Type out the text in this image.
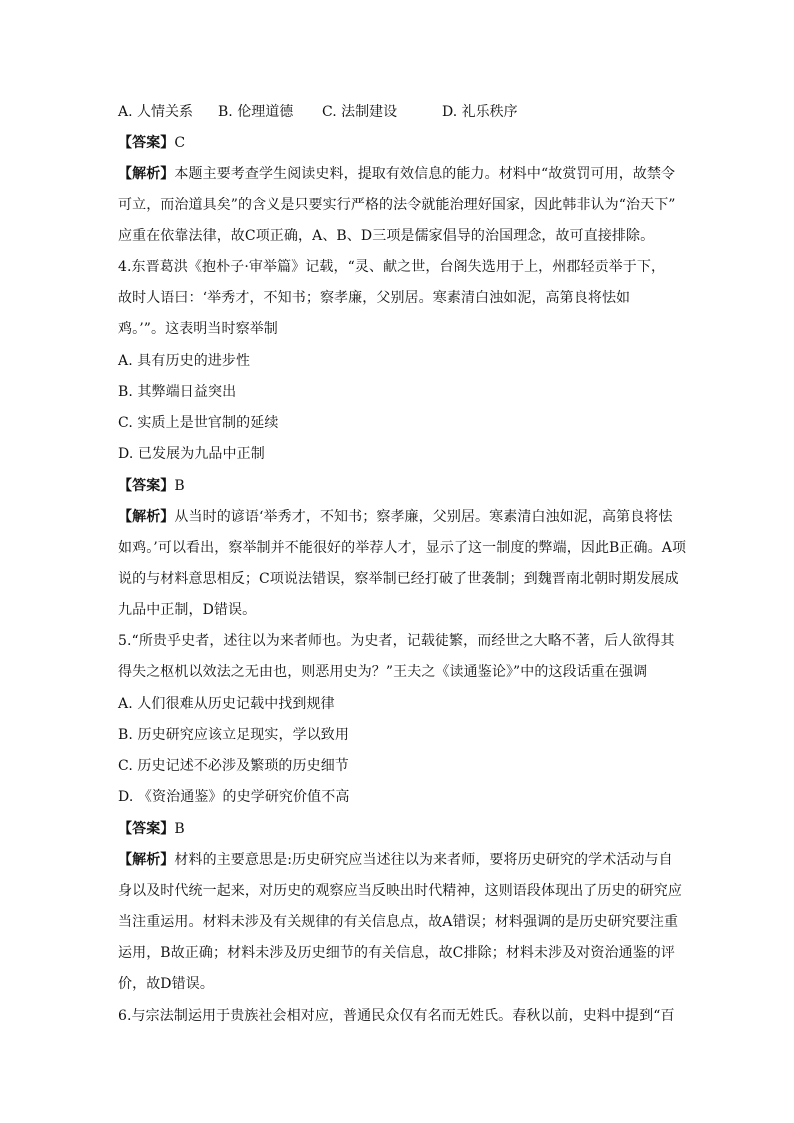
A. 人情关系 B. 伦理道德 C. 法制建设	D. 礼乐秩序
【答案】C
【解析】本题主要考查学生阅读史料，提取有效信息的能力。材料中“故赏罚可用，故禁令
可立，而治道具矣”的含义是只要实行严格的法令就能治理好国家，因此韩非认为“治天下”
应重在依靠法律，故C项正确，A、B、D三项是儒家倡导的治国理念，故可直接排除。
4.东晋葛洪《抱朴子·审举篇》记载，“灵、献之世，台阁失选用于上，州郡轻贡举于下，
故时人语曰：‘举秀才，不知书；察孝廉，父别居。寒素清白浊如泥，高第良将怯如
鸡。’”。这表明当时察举制
A. 具有历史的进步性
B. 其弊端日益突出
C. 实质上是世官制的延续
D. 已发展为九品中正制
【答案】B
【解析】从当时的谚语‘举秀才，不知书；察孝廉，父别居。寒素清白浊如泥，高第良将怯
如鸡。’可以看出，察举制并不能很好的举荐人才，显示了这一制度的弊端，因此B正确。A项
说的与材料意思相反；C项说法错误，察举制已经打破了世袭制；到魏晋南北朝时期发展成
九品中正制，D错误。
5.“所贵乎史者，述往以为来者师也。为史者，记载徒繁，而经世之大略不著，后人欲得其
得失之枢机以效法之无由也，则恶用史为？”王夫之《读通鉴论》”中的这段话重在强调
A. 人们很难从历史记载中找到规律
B. 历史研究应该立足现实，学以致用
C. 历史记述不必涉及繁琐的历史细节
D. 《资治通鉴》的史学研究价值不高
【答案】B
【解析】材料的主要意思是:历史研究应当述往以为来者师，要将历史研究的学术活动与自
身以及时代统一起来，对历史的观察应当反映出时代精神，这则语段体现出了历史的研究应
当注重运用。材料未涉及有关规律的有关信息点，故A错误；材料强调的是历史研究要注重
运用，B故正确；材料未涉及历史细节的有关信息，故C排除；材料未涉及对资治通鉴的评
价，故D错误。
6.与宗法制运用于贵族社会相对应，普通民众仅有名而无姓氏。春秋以前，史料中提到“百
